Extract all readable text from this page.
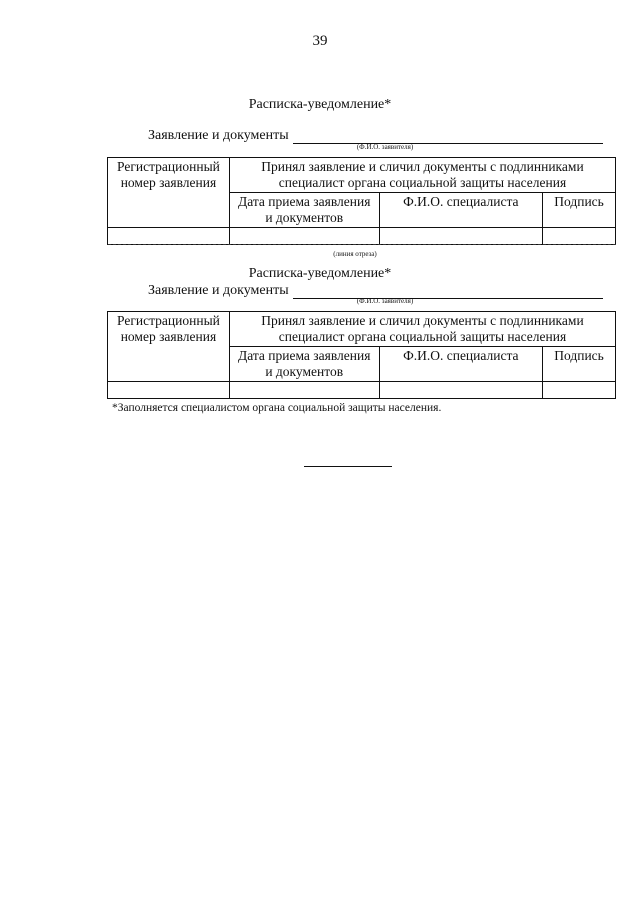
39
Расписка-уведомление*
Заявление и документы
(Ф.И.О. заявителя)
Регистрационный номер заявления	Принял заявление и сличил документы с подлинниками специалист органа социальной защиты населения		
	Дата приема заявления и документов	Ф.И.О. специалиста	Подпись

(линия отреза)
Расписка-уведомление*
Заявление и документы
(Ф.И.О. заявителя)
Регистрационный номер заявления	Принял заявление и сличил документы с подлинниками специалист органа социальной защиты населения		
	Дата приема заявления и документов	Ф.И.О. специалиста	Подпись

*Заполняется специалистом органа социальной защиты населения.
